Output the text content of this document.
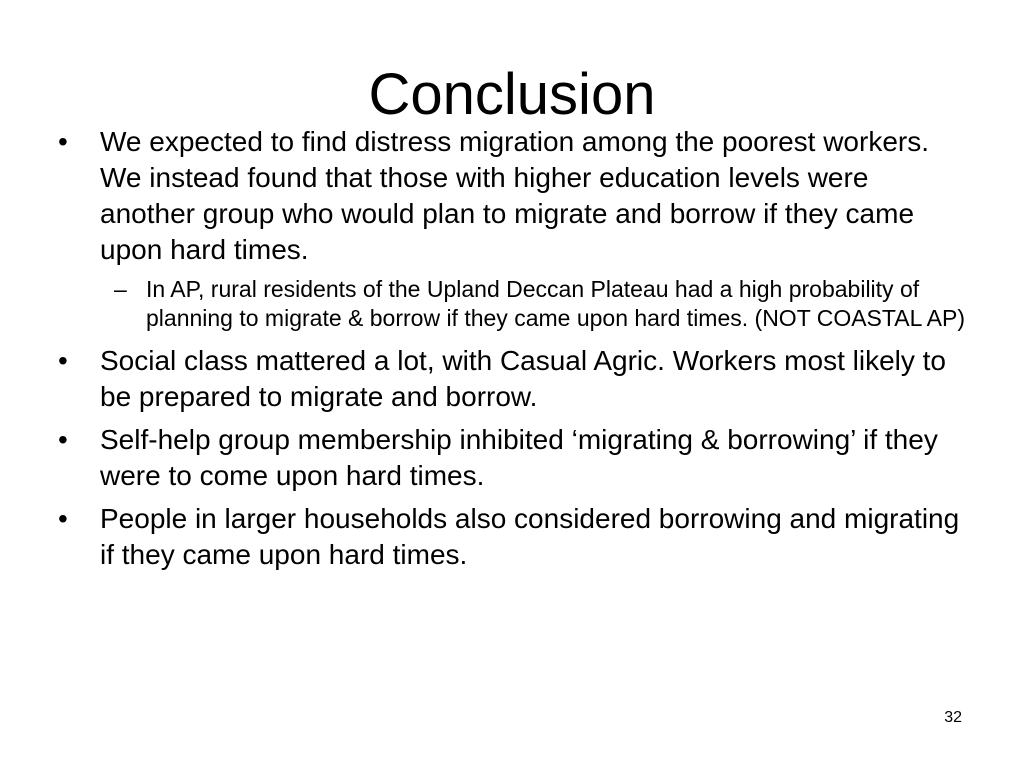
Conclusion
• We expected to find distress migration among the poorest workers. We instead found that those with higher education levels were another group who would plan to migrate and borrow if they came upon hard times.
– In AP, rural residents of the Upland Deccan Plateau had a high probability of planning to migrate & borrow if they came upon hard times. (NOT COASTAL AP)
• Social class mattered a lot, with Casual Agric. Workers most likely to be prepared to migrate and borrow.
• Self-help group membership inhibited ‘migrating & borrowing’ if they were to come upon hard times.
• People in larger households also considered borrowing and migrating if they came upon hard times.
32
